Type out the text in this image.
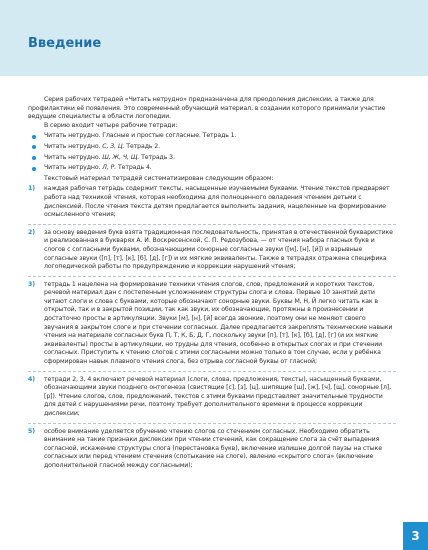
Введение

Серия рабочих тетрадей «Читать нетрудно» предназначена для преодоления дислексии, а также для профилактики её появления. Это современный обучающий материал, в создании которого принимали участие ведущие специалисты в области логопедии.

В серию входит четыре рабочие тетради:

Читать нетрудно. Гласные и простые согласные. Тетрадь 1.
Читать нетрудно. С, З, Ц. Тетрадь 2.
Читать нетрудно. Ш, Ж, Ч, Щ. Тетрадь 3.
Читать нетрудно. Л, Р. Тетрадь 4.

Текстовый материал тетрадей систематизирован следующим образом:

1) каждая рабочая тетрадь содержит тексты, насыщенные изучаемыми буквами. Чтение текстов предваряет работа над техникой чтения, которая необходима для полноценного овладения чтением детьми с дислексией. После чтения текста детям предлагается выполнить задания, нацеленные на формирование осмысленного чтения;
2) за основу введения букв взята традиционная последовательность, принятая в отечественной букваристике и реализованная в букварях А. И. Воскресенской, С. П. Редозубова, — от чтения набора гласных букв и слогов с согласными буквами, обозначающими сонорные согласные звуки ([м], [н], [й]) и взрывные согласные звуки ([п], [т], [к], [б], [д], [г]) и их мягкие эквиваленты. Также в тетрадях отражена специфика логопедической работы по предупреждению и коррекции нарушений чтения;
3) тетрадь 1 нацелена на формирование техники чтения слогов, слов, предложений и коротких текстов, речевой материал дан с постепенным усложнением структуры слога и слова. Первые 10 занятий дети читают слоги и слова с буквами, которые обозначают сонорные звуки. Буквы М, Н, Й легко читать как в открытой, так и в закрытой позиции, так как звуки, их обозначающие, протяжны в произнесении и достаточно просты в артикуляции. Звуки [м], [н], [й] всегда звонкие, поэтому они не меняют своего звучания в закрытом слоге и при стечении согласных. Далее предлагается закреплять технические навыки чтения на материале согласных букв П, Т, К, Б, Д, Г, поскольку звуки [п], [т], [к], [б], [д], [г] (и их мягкие эквиваленты) просты в артикуляции, но трудны для чтения, особенно в открытых слогах и при стечении согласных. Приступить к чтению слогов с этими согласными можно только в том случае, если у ребёнка сформирован навык плавного чтения слога, без отрыва согласной буквы от гласной;
4) тетради 2, 3, 4 включают речевой материал (слоги, слова, предложения, тексты), насыщенный буквами, обозначающими звуки позднего онтогенеза (свистящие [с], [з], [ц], шипящие [ш], [ж], [ч], [щ], сонорные [л], [р]). Чтение слогов, слов, предложений, текстов с этими буквами представляет значительные трудности для детей с нарушениями речи, поэтому требует дополнительного времени в процессе коррекции дислексии;
5) особое внимание уделяется обучению чтению слогов со стечением согласных. Необходимо обратить внимание на такие признаки дислексии при чтении стечений, как сокращение слога за счёт выпадения согласной, искажение структуры слога (перестановка букв), включение излишне долгой паузы на стыке согласных или перед чтением стечения (спотыкание на слоге), явление «скрытого слога» (включение дополнительной гласной между согласными);
3
